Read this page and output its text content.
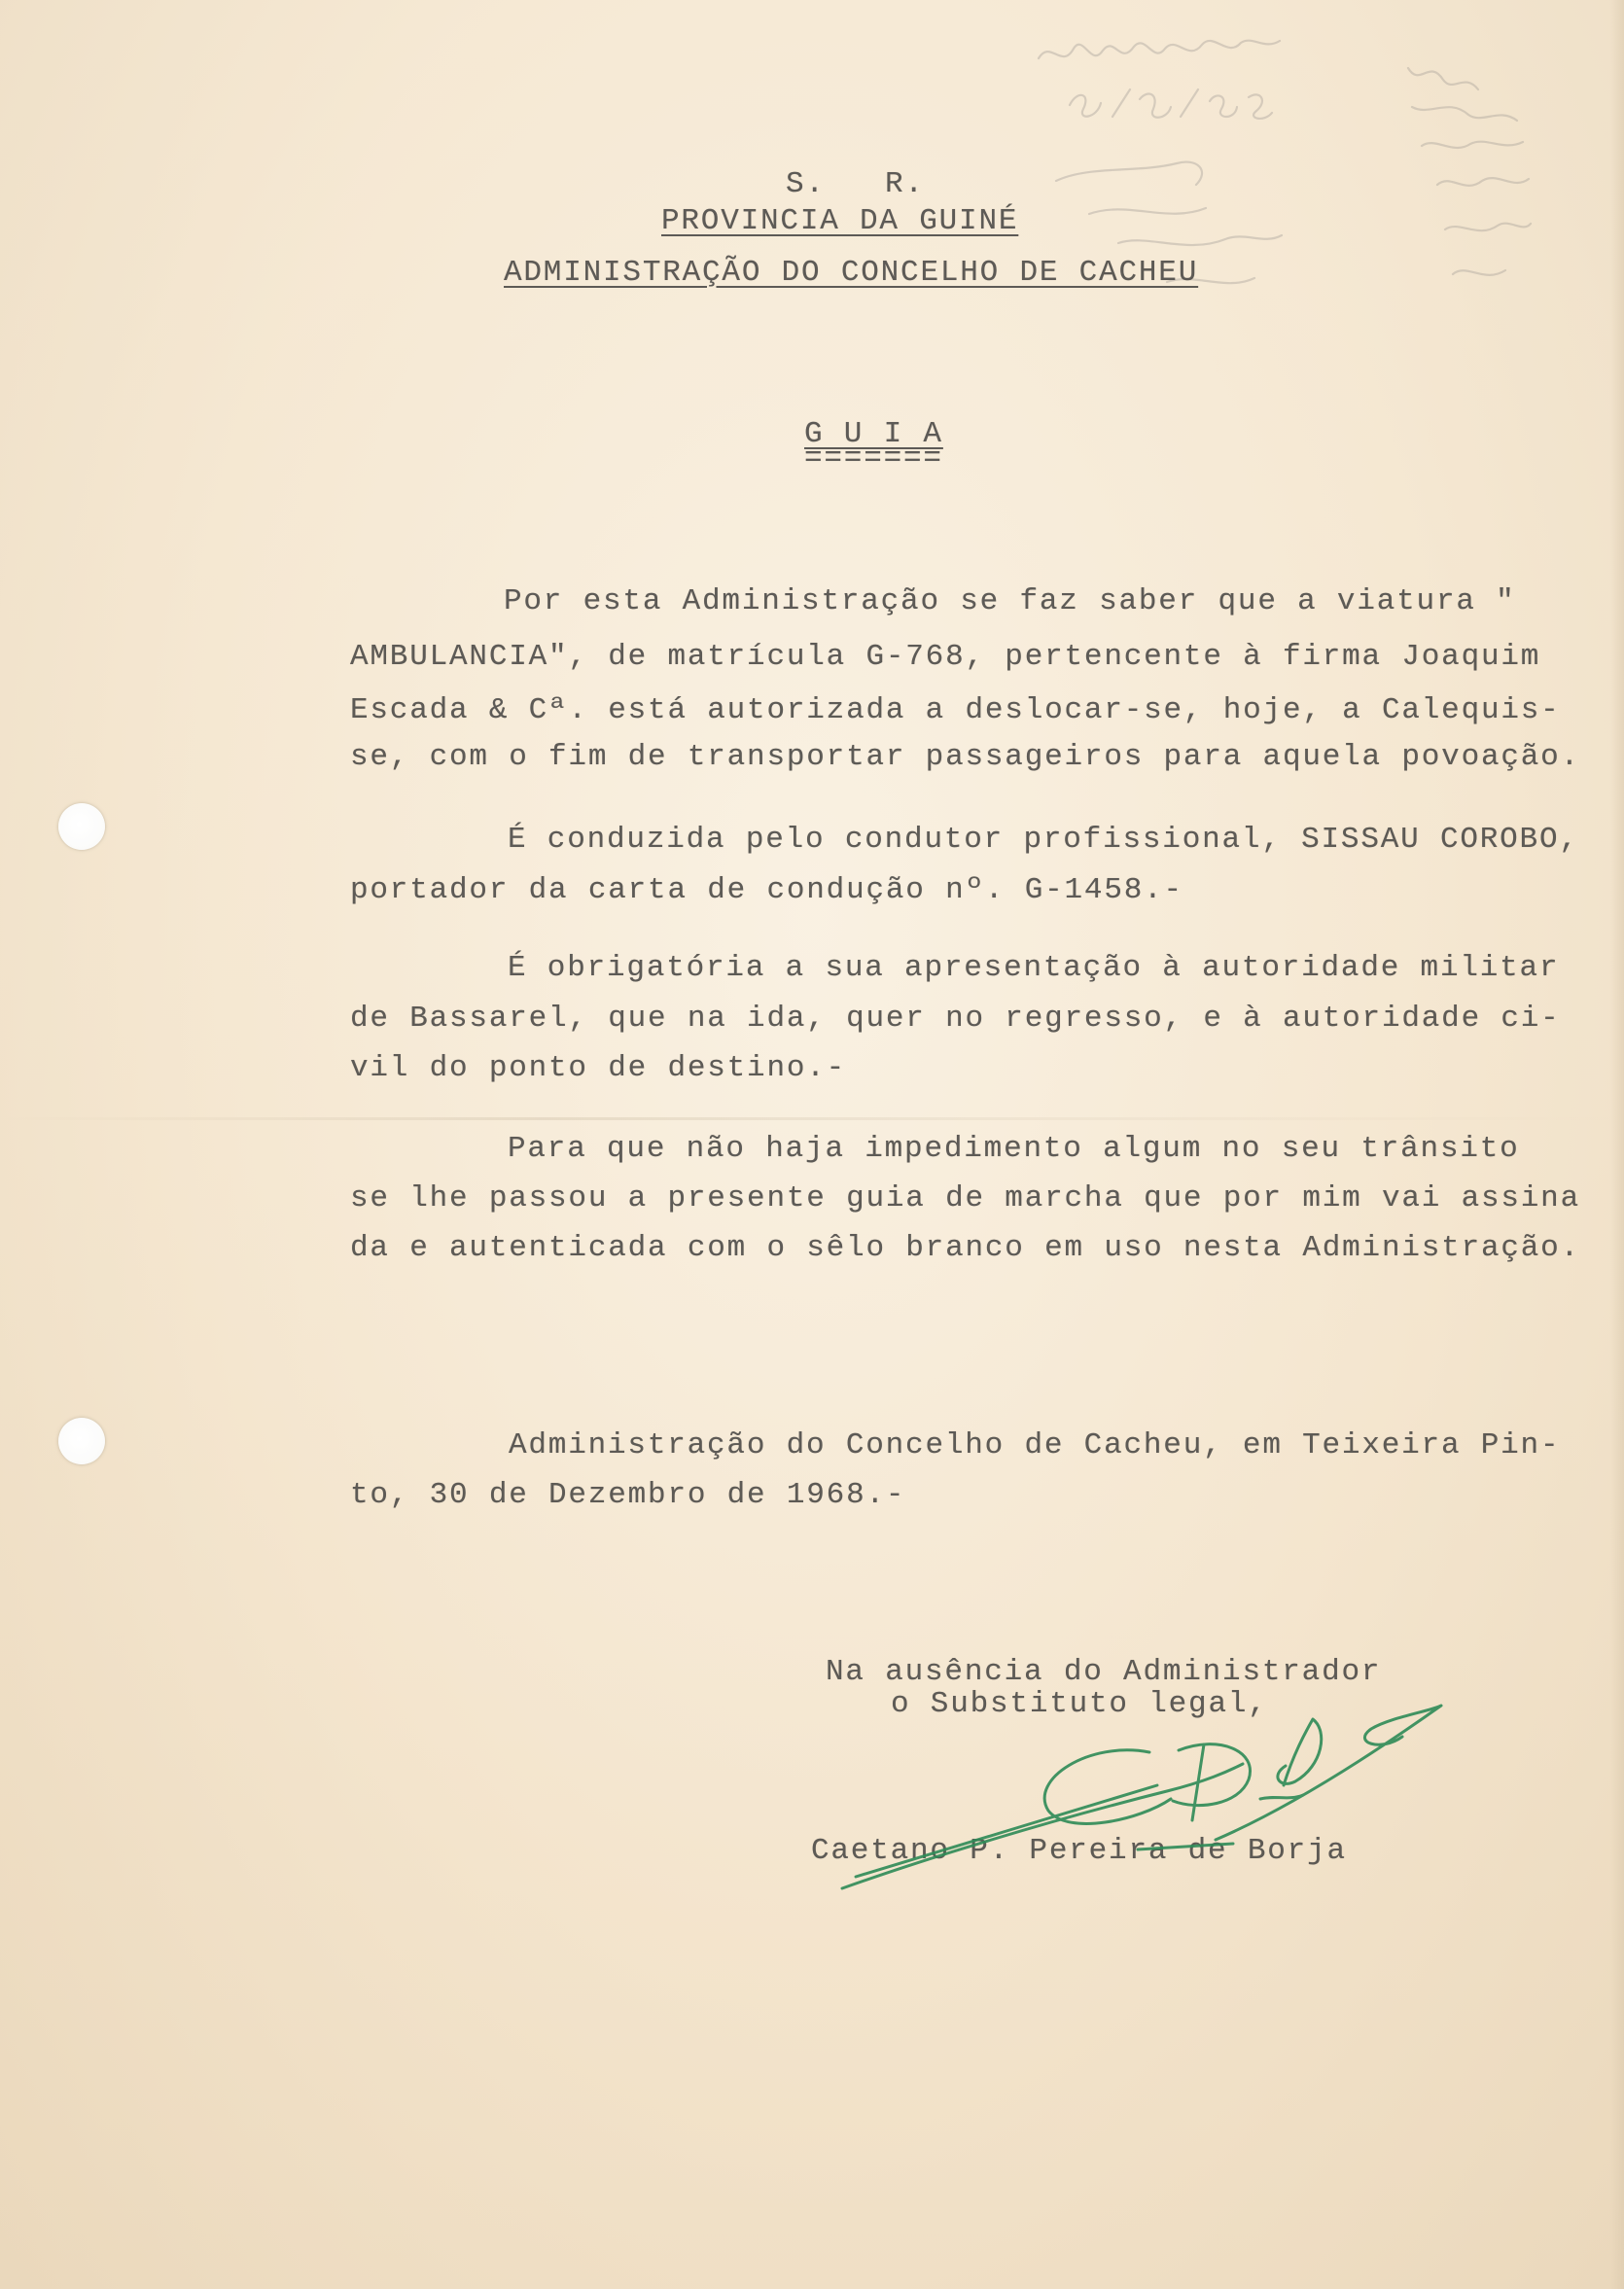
S.   R.
PROVINCIA DA GUINÉ
ADMINISTRAÇÃO DO CONCELHO DE CACHEU
G U I A
=======
Por esta Administração se faz saber que a viatura "
AMBULANCIA", de matrícula G-768, pertencente à firma Joaquim
Escada & Cª. está autorizada a deslocar-se, hoje, a Calequis-
se, com o fim de transportar passageiros para aquela povoação.
É conduzida pelo condutor profissional, SISSAU COROBO,
portador da carta de condução nº. G-1458.-
É obrigatória a sua apresentação à autoridade militar
de Bassarel, que na ida, quer no regresso, e à autoridade ci-
vil do ponto de destino.-
Para que não haja impedimento algum no seu trânsito
se lhe passou a presente guia de marcha que por mim vai assina
da e autenticada com o sêlo branco em uso nesta Administração.
Administração do Concelho de Cacheu, em Teixeira Pin-
to, 30 de Dezembro de 1968.-
Na ausência do Administrador
o Substituto legal,
Caetano P. Pereira de Borja
